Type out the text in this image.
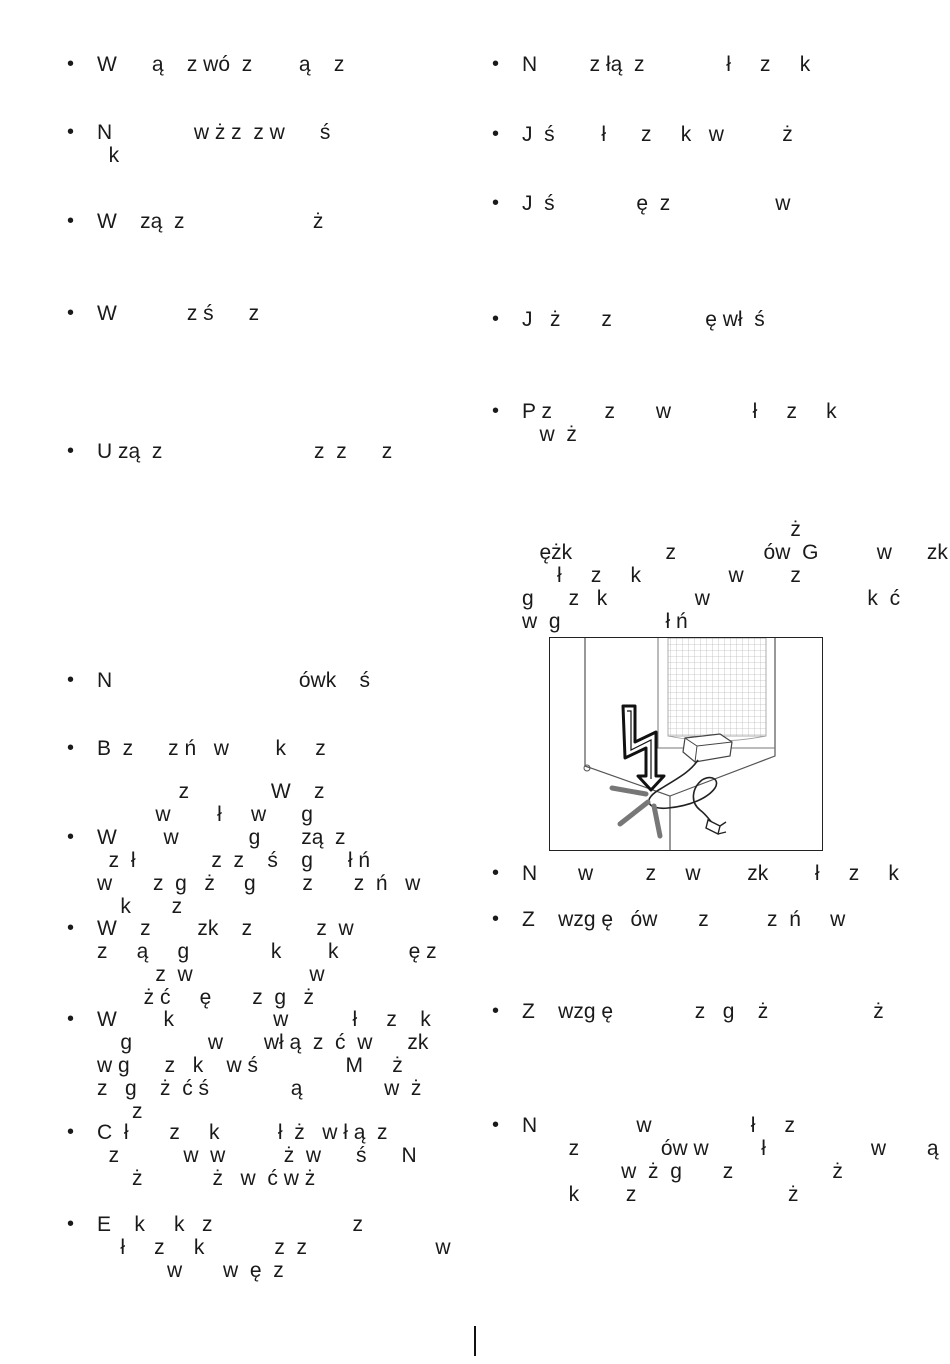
• W      ą    z wó  z        ą    z
• N              w ż z  z w      ś
k
• W    zą  z                      ż
• W            z ś      z
• U zą  z                          z  z      z
• N                                ówk    ś
• B  z      z ń   w        k     z
z              W    z
w        ł     w      g
• W        w            g       zą  z
z  ł             z  z    ś    g      ł ń
w       z  g   ż     g        z       z  ń   w
k       z
• W    z        zk    z           z  w
z     ą     g              k        k            ę z
z  w                    w
ż ć     ę       z  g   ż
• W        k                 w           ł     z    k
g             w       wł ą  z  ć  w      zk
w g      z   k    w ś               M     ż
z   g    ż  ć ś              ą              w  ż
z
• C  ł       z     k          ł  ż   w ł ą  z
z           w  w          ż  w      ś      N
ż            ż   w  ć w ż
• E    k     k   z                        z
ł     z     k            z  z                      w
w       w  ę  z
• N         z łą  z              ł     z     k
• J  ś        ł      z     k   w          ż
• J  ś              ę  z                  w
• J   ż       z                ę wł  ś
• P z         z       w              ł     z     k
w  ż
ż
ężk                z               ów  G          w      zk
ł     z     k               w        z
g      z   k               w                           k  ć
w  g                  ł ń
• N       w         z     w        zk        ł     z     k
• Z    wzg ę   ów       z          z  ń     w
• Z    wzg ę              z   g    ż                  ż
• N                 w                 ł     z
z              ów w         ł                  w       ą
w  ż  g       z                 ż
k        z                          ż
